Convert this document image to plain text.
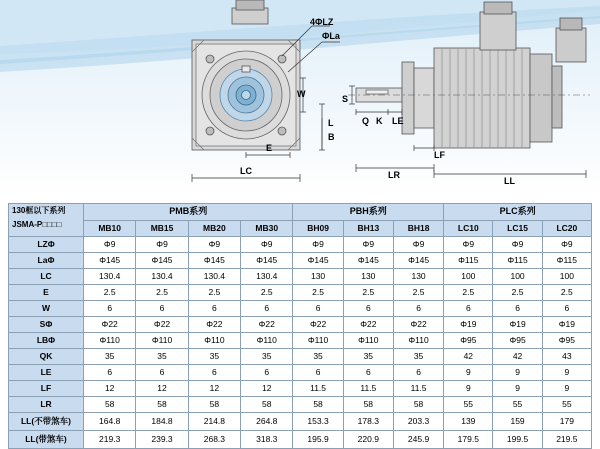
4ΦLZ
ΦLa
W
E
L
B
LC
S
Q K LE
LF
LR
LL
130框以下系列
JSMA-P□□□□	PMB系列				PBH系列			PLC系列		
	MB10	MB15	MB20	MB30	BH09	BH13	BH18	LC10	LC15	LC20
LZΦ	Φ9	Φ9	Φ9	Φ9	Φ9	Φ9	Φ9	Φ9	Φ9	Φ9
LaΦ	Φ145	Φ145	Φ145	Φ145	Φ145	Φ145	Φ145	Φ115	Φ115	Φ115
LC	130.4	130.4	130.4	130.4	130	130	130	100	100	100
E	2.5	2.5	2.5	2.5	2.5	2.5	2.5	2.5	2.5	2.5
W	6	6	6	6	6	6	6	6	6	6
SΦ	Φ22	Φ22	Φ22	Φ22	Φ22	Φ22	Φ22	Φ19	Φ19	Φ19
LBΦ	Φ110	Φ110	Φ110	Φ110	Φ110	Φ110	Φ110	Φ95	Φ95	Φ95
QK	35	35	35	35	35	35	35	42	42	43
LE	6	6	6	6	6	6	6	9	9	9
LF	12	12	12	12	11.5	11.5	11.5	9	9	9
LR	58	58	58	58	58	58	58	55	55	55
LL(不带煞车)	164.8	184.8	214.8	264.8	153.3	178.3	203.3	139	159	179
LL(带煞车)	219.3	239.3	268.3	318.3	195.9	220.9	245.9	179.5	199.5	219.5
